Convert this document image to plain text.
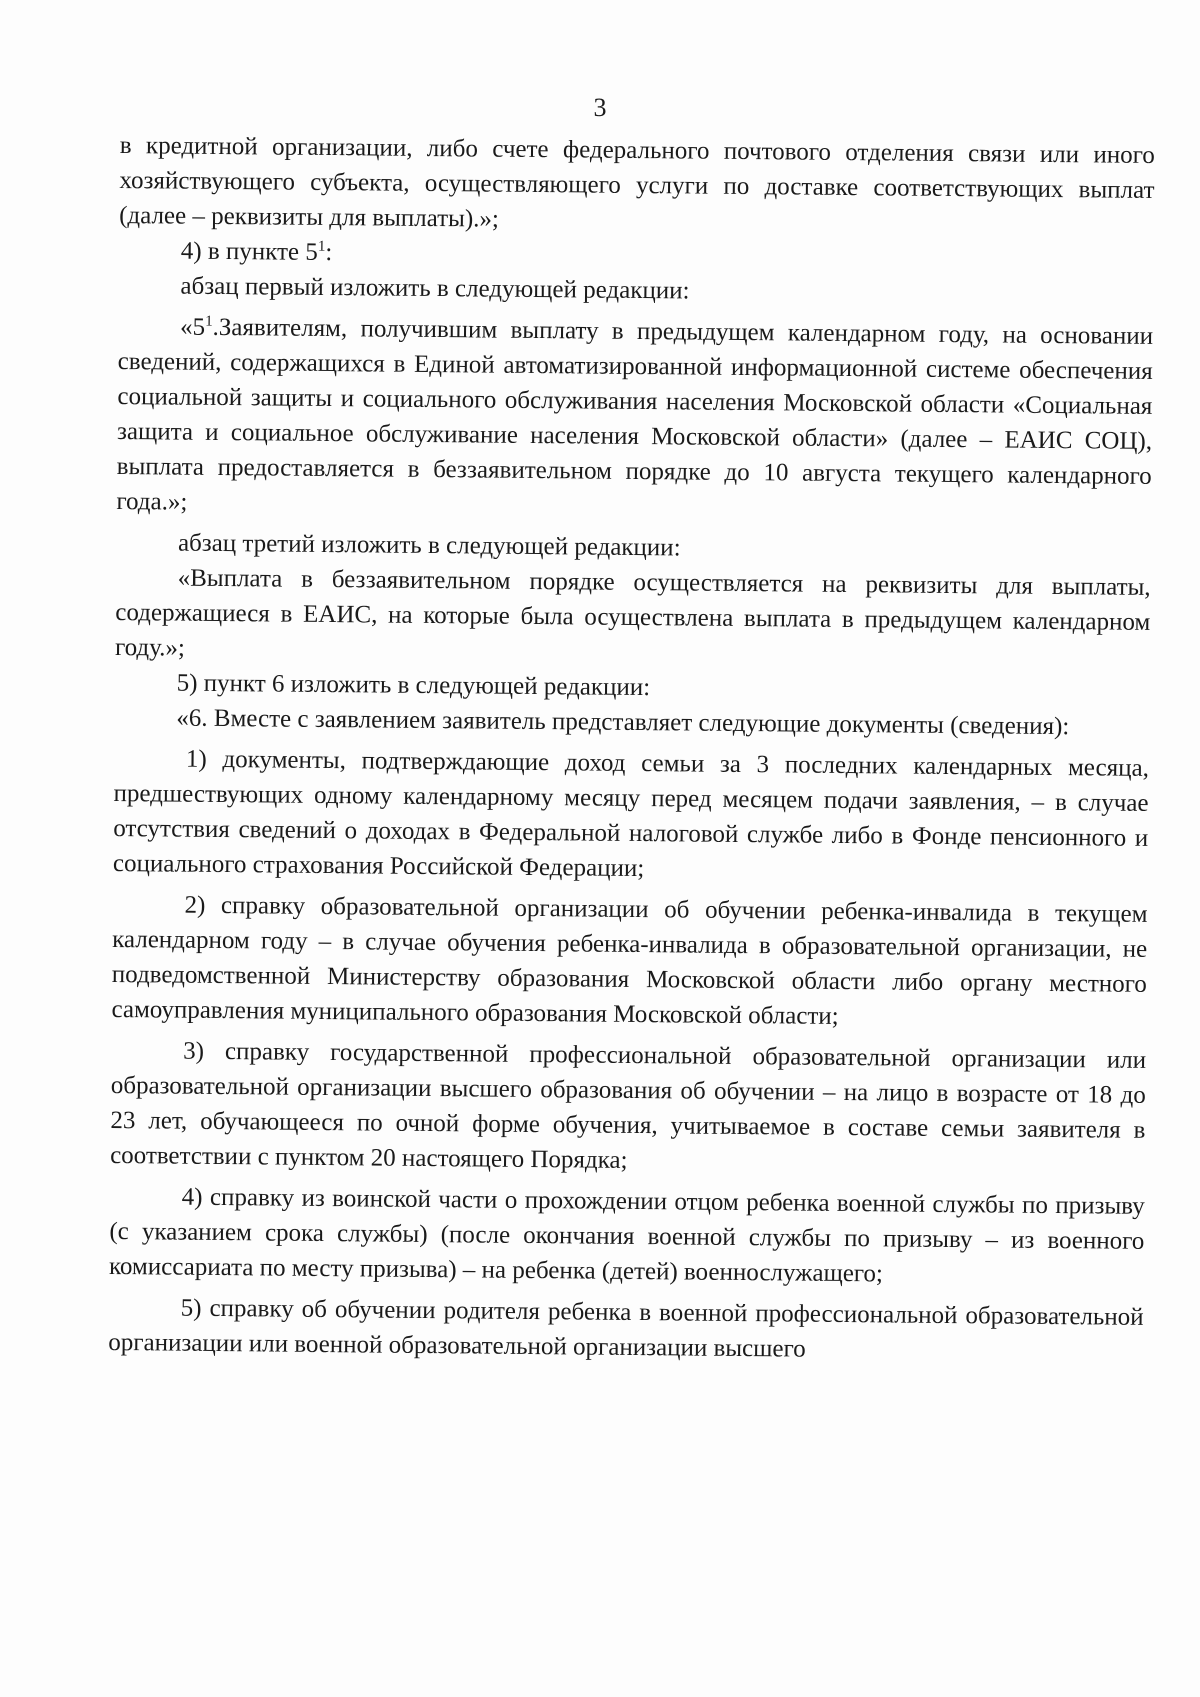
3

в кредитной организации, либо счете федерального почтового отделения связи или иного хозяйствующего субъекта, осуществляющего услуги по доставке соответствующих выплат (далее – реквизиты для выплаты).»;

4) в пункте $5^1$:

абзац первый изложить в следующей редакции:

«$5^1.Заявителям$, получившим выплату в предыдущем календарном году, на основании сведений, содержащихся в Единой автоматизированной информационной системе обеспечения социальной защиты и социального обслуживания населения Московской области «Социальная защита и социальное обслуживание населения Московской области» (далее – ЕАИС СОЦ), выплата предоставляется в беззаявительном порядке до 10 августа текущего календарного года.»;

абзац третий изложить в следующей редакции:

«Выплата в беззаявительном порядке осуществляется на реквизиты для выплаты, содержащиеся в ЕАИС, на которые была осуществлена выплата в предыдущем календарном году.»;

5) пункт 6 изложить в следующей редакции:

«6. Вместе с заявлением заявитель представляет следующие документы (сведения):

1) документы, подтверждающие доход семьи за 3 последних календарных месяца, предшествующих одному календарному месяцу перед месяцем подачи заявления, – в случае отсутствия сведений о доходах в Федеральной налоговой службе либо в Фонде пенсионного и социального страхования Российской Федерации;

2) справку образовательной организации об обучении ребенка-инвалида в текущем календарном году – в случае обучения ребенка-инвалида в образовательной организации, не подведомственной Министерству образования Московской области либо органу местного самоуправления муниципального образования Московской области;

3) справку государственной профессиональной образовательной организации или образовательной организации высшего образования об обучении – на лицо в возрасте от 18 до 23 лет, обучающееся по очной форме обучения, учитываемое в составе семьи заявителя в соответствии с пунктом 20 настоящего Порядка;

4) справку из воинской части о прохождении отцом ребенка военной службы по призыву (с указанием срока службы) (после окончания военной службы по призыву – из военного комиссариата по месту призыва) – на ребенка (детей) военнослужащего;

5) справку об обучении родителя ребенка в военной профессиональной образовательной организации или военной образовательной организации высшего
